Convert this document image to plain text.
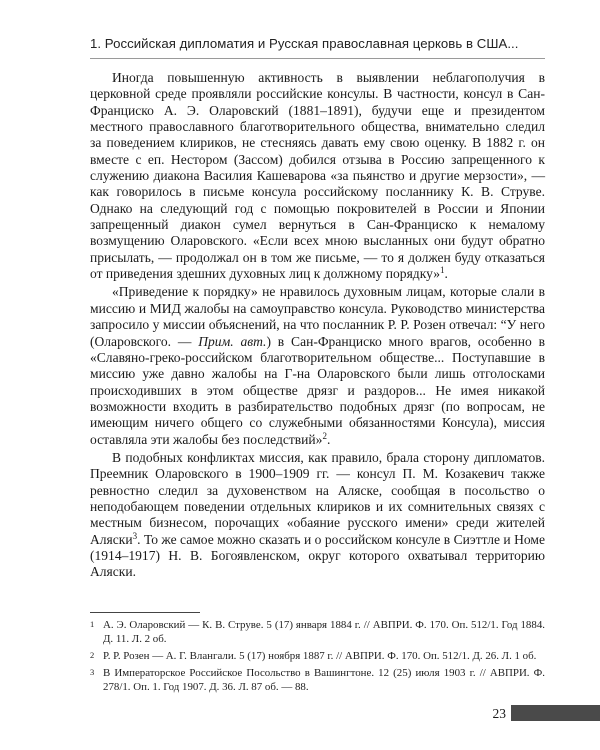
1. Российская дипломатия и Русская православная церковь в США...

Иногда повышенную активность в выявлении неблагополучия в церковной среде проявляли российские консулы. В частности, консул в Сан-Франциско А. Э. Оларовский (1881–1891), будучи еще и президентом местного православного благотворительного общества, внимательно следил за поведением клириков, не стесняясь давать ему свою оценку. В 1882 г. он вместе с еп. Нестором (Зассом) добился отзыва в Россию запрещенного к служению диакона Василия Кашеварова «за пьянство и другие мерзости», — как говорилось в письме консула российскому посланнику К. В. Струве. Однако на следующий год с помощью покровителей в России и Японии запрещенный диакон сумел вернуться в Сан-Франциско к немалому возмущению Оларовского. «Если всех мною высланных они будут обратно присылать, — продолжал он в том же письме, — то я должен буду отказаться от приведения здешних духовных лиц к должному порядку»$^1$.

«Приведение к порядку» не нравилось духовным лицам, которые слали в миссию и МИД жалобы на самоуправство консула. Руководство министерства запросило у миссии объяснений, на что посланник Р. Р. Розен отвечал: “У него (Оларовского. — Прим. авт.) в Сан-Франциско много врагов, особенно в «Славяно-греко-российском благотворительном обществе... Поступавшие в миссию уже давно жалобы на Г-на Оларовского были лишь отголосками происходивших в этом обществе дрязг и раздоров... Не имея никакой возможности входить в разбирательство подобных дрязг (по вопросам, не имеющим ничего общего со служебными обязанностями Консула), миссия оставляла эти жалобы без последствий»$^2$.

В подобных конфликтах миссия, как правило, брала сторону дипломатов. Преемник Оларовского в 1900–1909 гг. — консул П. М. Козакевич также ревностно следил за духовенством на Аляске, сообщая в посольство о неподобающем поведении отдельных клириков и их сомнительных связях с местным бизнесом, порочащих «обаяние русского имени» среди жителей Аляски$^3$. То же самое можно сказать и о российском консуле в Сиэттле и Номе (1914–1917) Н. В. Богоявленском, округ которого охватывал территорию Аляски.

1 А. Э. Оларовский — К. В. Струве. 5 (17) января 1884 г. // АВПРИ. Ф. 170. Оп. 512/1. Год 1884. Д. 11. Л. 2 об.
2 Р. Р. Розен — А. Г. Влангали. 5 (17) ноября 1887 г. // АВПРИ. Ф. 170. Оп. 512/1. Д. 26. Л. 1 об.
3 В Императорское Российское Посольство в Вашингтоне. 12 (25) июля 1903 г. // АВПРИ. Ф. 278/1. Оп. 1. Год 1907. Д. 36. Л. 87 об. — 88.
23
